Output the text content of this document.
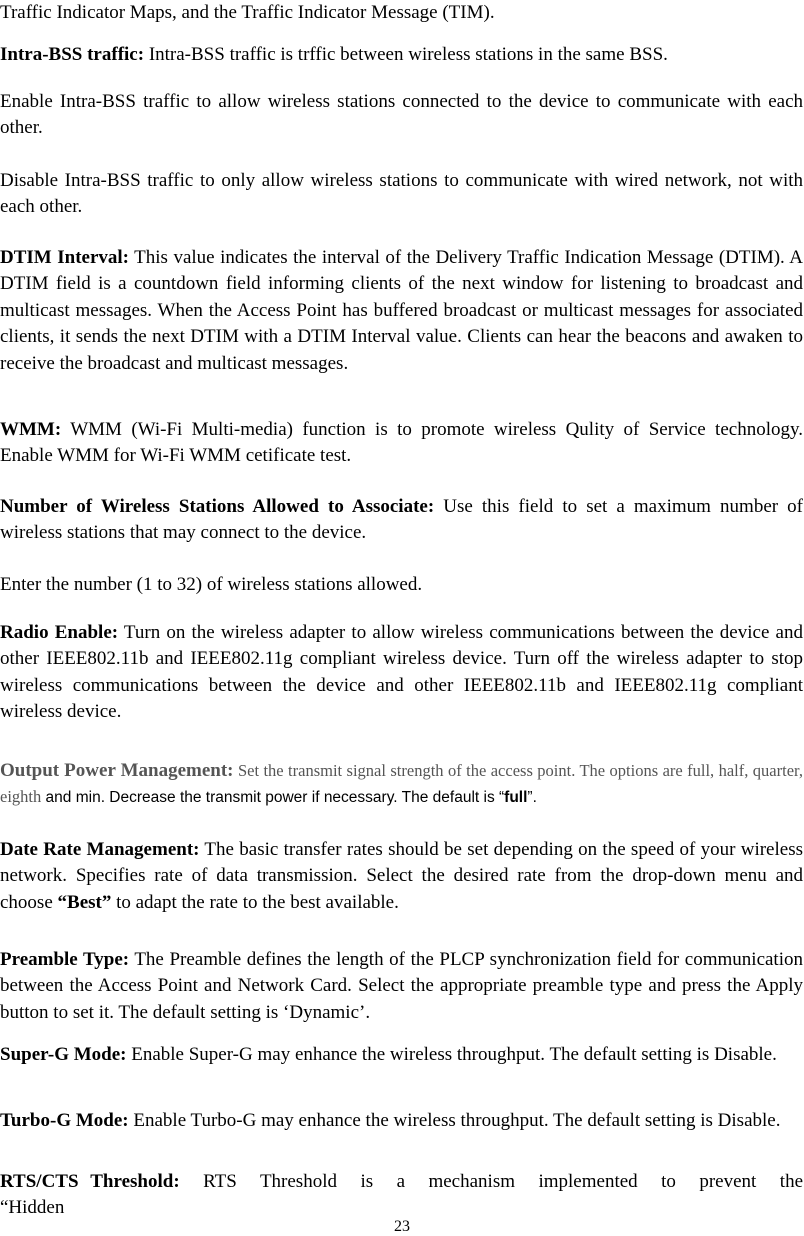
Traffic Indicator Maps, and the Traffic Indicator Message (TIM).

Intra-BSS traffic: Intra-BSS traffic is trffic between wireless stations in the same BSS.

Enable Intra-BSS traffic to allow wireless stations connected to the device to communicate with each other.

Disable Intra-BSS traffic to only allow wireless stations to communicate with wired network, not with each other.

DTIM Interval: This value indicates the interval of the Delivery Traffic Indication Message (DTIM). A DTIM field is a countdown field informing clients of the next window for listening to broadcast and multicast messages. When the Access Point has buffered broadcast or multicast messages for associated clients, it sends the next DTIM with a DTIM Interval value. Clients can hear the beacons and awaken to receive the broadcast and multicast messages.

WMM: WMM (Wi-Fi Multi-media) function is to promote wireless Qulity of Service technology. Enable WMM for Wi-Fi WMM cetificate test.

Number of Wireless Stations Allowed to Associate: Use this field to set a maximum number of wireless stations that may connect to the device.

Enter the number (1 to 32) of wireless stations allowed.

Radio Enable: Turn on the wireless adapter to allow wireless communications between the device and other IEEE802.11b and IEEE802.11g compliant wireless device. Turn off the wireless adapter to stop wireless communications between the device and other IEEE802.11b and IEEE802.11g compliant wireless device.

Output Power Management: Set the transmit signal strength of the access point. The options are full, half, quarter, eighth and min. Decrease the transmit power if necessary. The default is “full”.

Date Rate Management: The basic transfer rates should be set depending on the speed of your wireless network. Specifies rate of data transmission. Select the desired rate from the drop-down menu and choose “Best” to adapt the rate to the best available.

Preamble Type: The Preamble defines the length of the PLCP synchronization field for communication between the Access Point and Network Card. Select the appropriate preamble type and press the Apply button to set it. The default setting is ‘Dynamic’.

Super-G Mode: Enable Super-G may enhance the wireless throughput. The default setting is Disable.

Turbo-G Mode: Enable Turbo-G may enhance the wireless throughput. The default setting is Disable.

RTS/CTS Threshold: RTS Threshold is a mechanism implemented to prevent the “Hidden

23
